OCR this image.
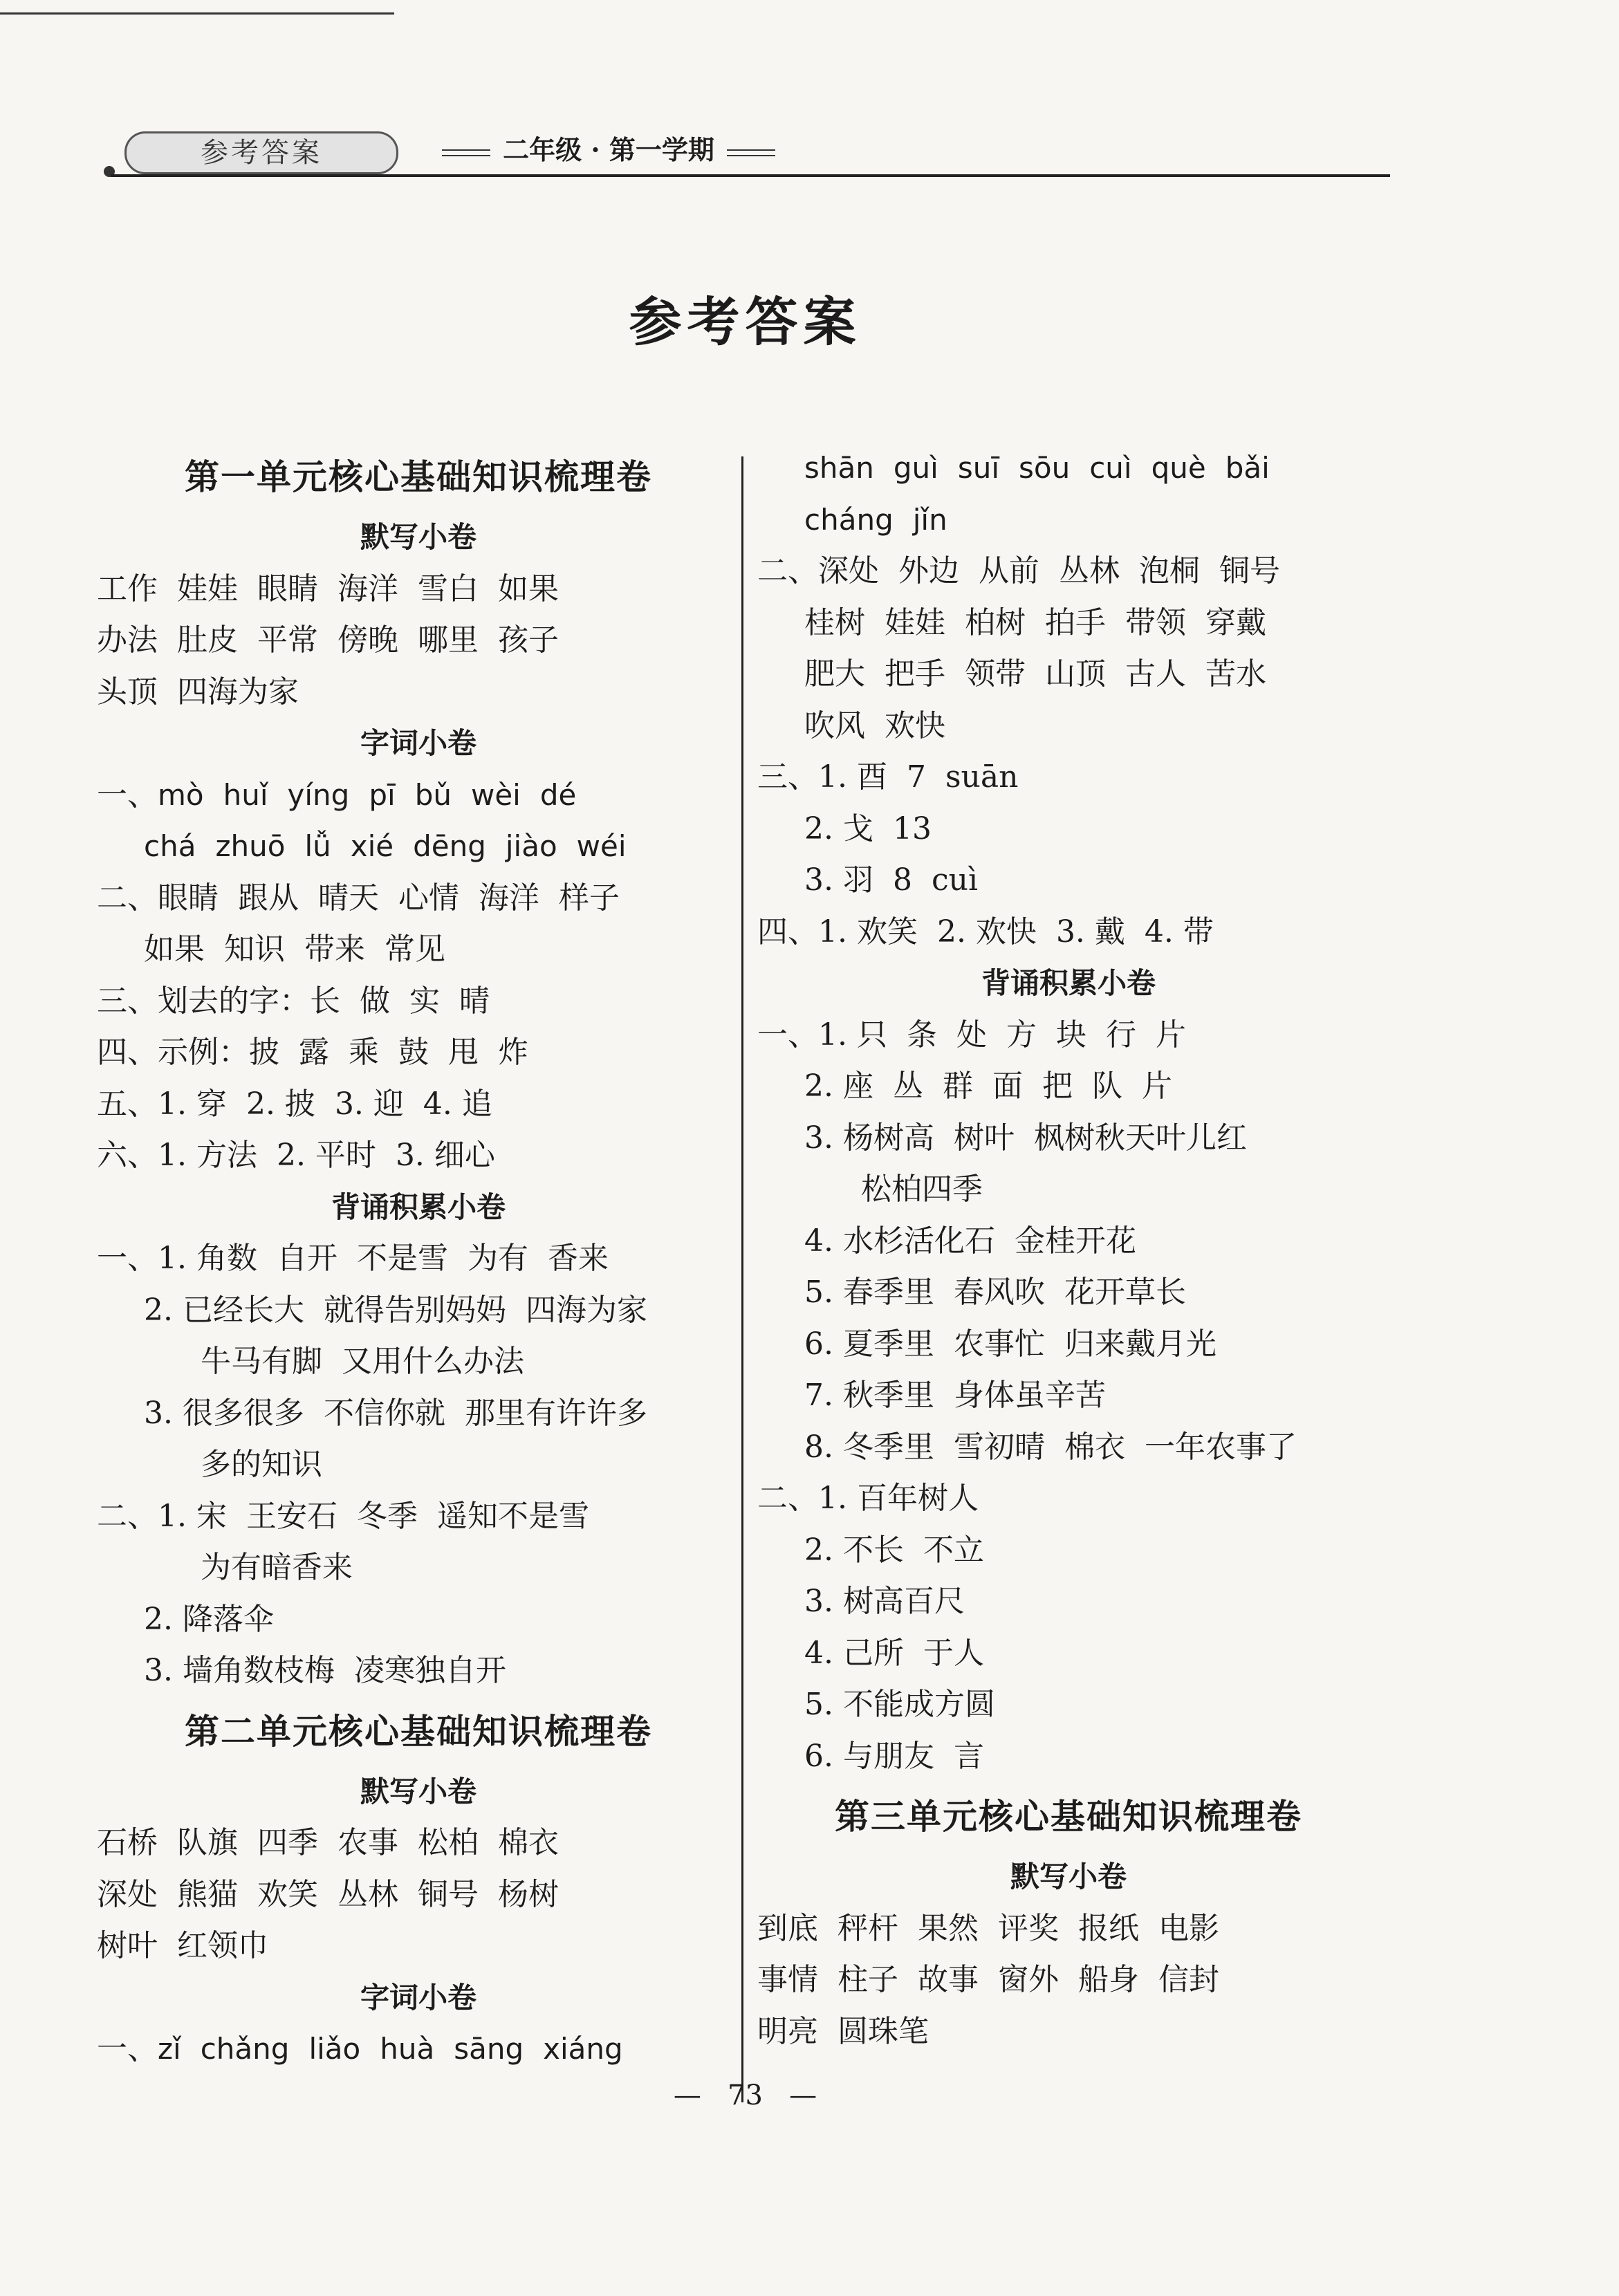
参考答案	二年级 · 第一学期
参考答案
第一单元核心基础知识梳理卷
默写小卷
工作 娃娃 眼睛 海洋 雪白 如果
办法 肚皮 平常 傍晚 哪里 孩子
头顶 四海为家
字词小卷
一、mò huǐ yíng pī bǔ wèi dé
chá zhuō lǚ xié dēng jiào wéi
二、眼睛 跟从 晴天 心情 海洋 样子
如果 知识 带来 常见
三、划去的字：长 做 实 晴
四、示例：披 露 乘 鼓 甩 炸
五、1. 穿 2. 披 3. 迎 4. 追
六、1. 方法 2. 平时 3. 细心
背诵积累小卷
一、1. 角数 自开 不是雪 为有 香来
2. 已经长大 就得告别妈妈 四海为家
牛马有脚 又用什么办法
3. 很多很多 不信你就 那里有许许多
多的知识
二、1. 宋 王安石 冬季 遥知不是雪
为有暗香来
2. 降落伞
3. 墙角数枝梅 凌寒独自开
第二单元核心基础知识梳理卷
默写小卷
石桥 队旗 四季 农事 松柏 棉衣
深处 熊猫 欢笑 丛林 铜号 杨树
树叶 红领巾
字词小卷
一、zǐ chǎng liǎo huà sāng xiáng
shān guì suī sōu cuì què bǎi
cháng jǐn
二、深处 外边 从前 丛林 泡桐 铜号
桂树 娃娃 柏树 拍手 带领 穿戴
肥大 把手 领带 山顶 古人 苦水
吹风 欢快
三、1. 酉 7 suān
2. 戈 13
3. 羽 8 cuì
四、1. 欢笑 2. 欢快 3. 戴 4. 带
背诵积累小卷
一、1. 只 条 处 方 块 行 片
2. 座 丛 群 面 把 队 片
3. 杨树高 树叶 枫树秋天叶儿红
松柏四季
4. 水杉活化石 金桂开花
5. 春季里 春风吹 花开草长
6. 夏季里 农事忙 归来戴月光
7. 秋季里 身体虽辛苦
8. 冬季里 雪初晴 棉衣 一年农事了
二、1. 百年树人
2. 不长 不立
3. 树高百尺
4. 己所 于人
5. 不能成方圆
6. 与朋友 言
第三单元核心基础知识梳理卷
默写小卷
到底 秤杆 果然 评奖 报纸 电影
事情 柱子 故事 窗外 船身 信封
明亮 圆珠笔
—   73   —
